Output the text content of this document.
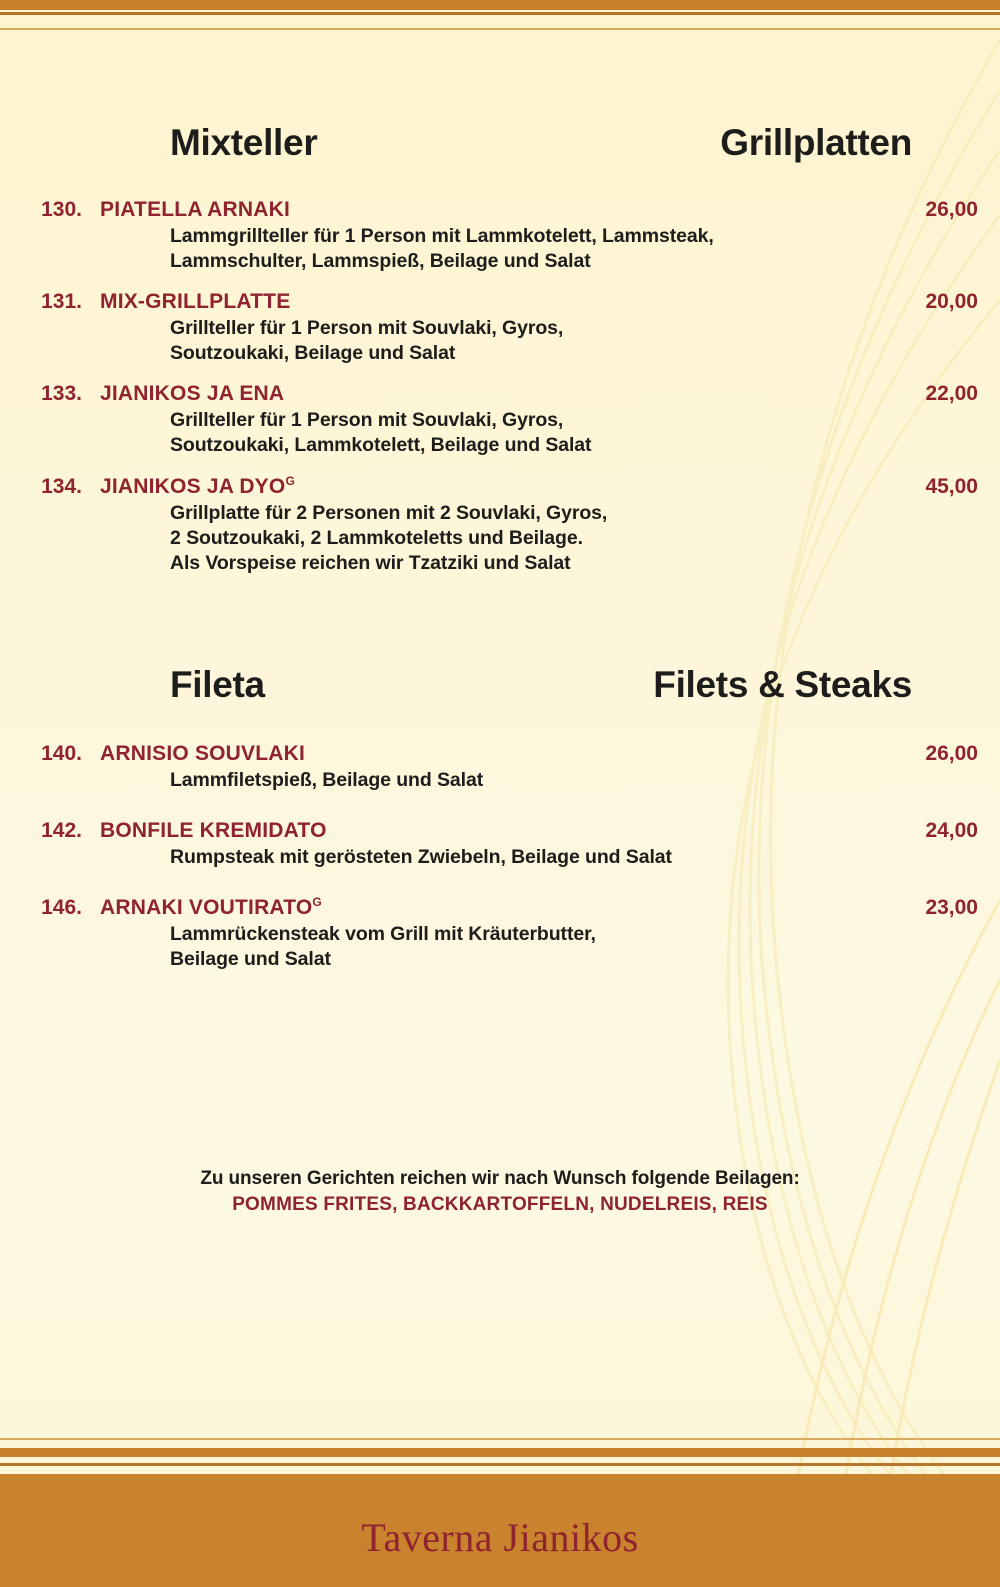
Mixteller	Grillplatten
130. PIATELLA ARNAKI	26,00
Lammgrillteller für 1 Person mit Lammkotelett, Lammsteak,
Lammschulter, Lammspieß, Beilage und Salat
131. MIX-GRILLPLATTE	20,00
Grillteller für 1 Person mit Souvlaki, Gyros,
Soutzoukaki, Beilage und Salat
133. JIANIKOS JA ENA	22,00
Grillteller für 1 Person mit Souvlaki, Gyros,
Soutzoukaki, Lammkotelett, Beilage und Salat
134. JIANIKOS JA $DYO^G$	45,00
Grillplatte für 2 Personen mit 2 Souvlaki, Gyros,
2 Soutzoukaki, 2 Lammkoteletts und Beilage.
Als Vorspeise reichen wir Tzatziki und Salat
Fileta	Filets & Steaks
140. ARNISIO SOUVLAKI	26,00
Lammfiletspieß, Beilage und Salat
142. BONFILE KREMIDATO	24,00
Rumpsteak mit gerösteten Zwiebeln, Beilage und Salat
146. ARNAKI $VOUTIRATO^G$	23,00
Lammrückensteak vom Grill mit Kräuterbutter,
Beilage und Salat
Zu unseren Gerichten reichen wir nach Wunsch folgende Beilagen:
POMMES FRITES, BACKKARTOFFELN, NUDELREIS, REIS
Taverna Jianikos
